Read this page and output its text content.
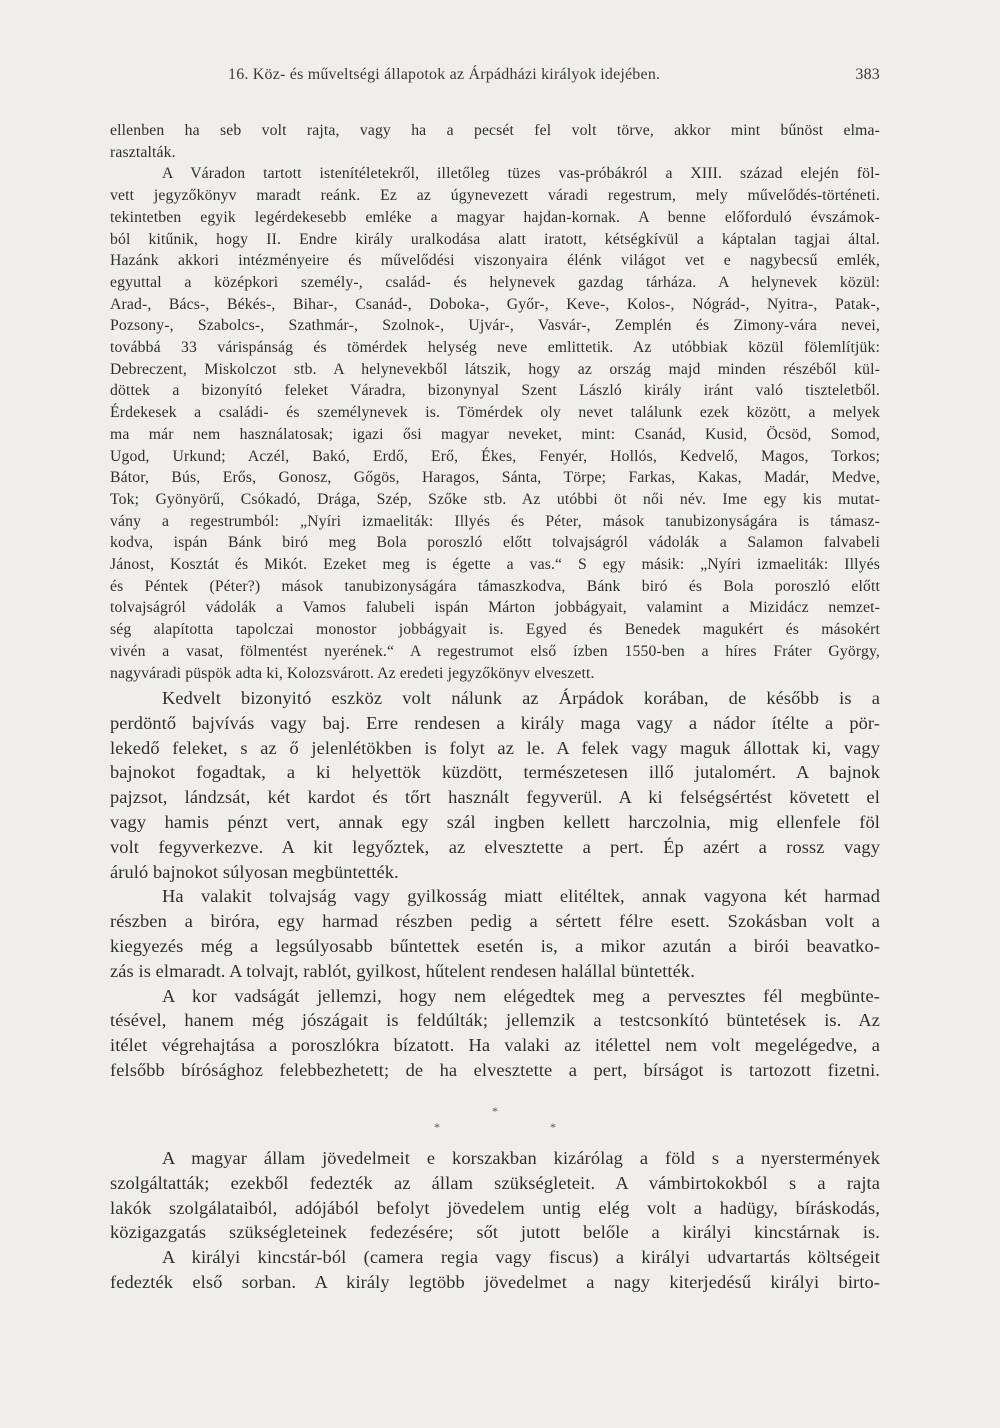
16. Köz- és műveltségi állapotok az Árpádházi királyok idejében.	383
ellenben ha seb volt rajta, vagy ha a pecsét fel volt törve, akkor mint bűnöst elma-
rasztalták.
A Váradon tartott istenítéletekről, illetőleg tüzes vas-próbákról a XIII. század elején föl-
vett jegyzőkönyv maradt reánk. Ez az úgynevezett váradi regestrum, mely művelődés-történeti.
tekintetben egyik legérdekesebb emléke a magyar hajdan-kornak. A benne előforduló évszámok-
ból kitűnik, hogy II. Endre király uralkodása alatt iratott, kétségkívül a káptalan tagjai által.
Hazánk akkori intézményeire és művelődési viszonyaira élénk világot vet e nagybecsű emlék,
egyuttal a középkori személy-, család- és helynevek gazdag tárháza. A helynevek közül:
Arad-, Bács-, Békés-, Bihar-, Csanád-, Doboka-, Győr-, Keve-, Kolos-, Nógrád-, Nyitra-, Patak-,
Pozsony-, Szabolcs-, Szathmár-, Szolnok-, Ujvár-, Vasvár-, Zemplén és Zimony-vára nevei,
továbbá 33 várispánság és tömérdek helység neve emlittetik. Az utóbbiak közül fölemlítjük:
Debreczent, Miskolczot stb. A helynevekből látszik, hogy az ország majd minden részéből kül-
döttek a bizonyító feleket Váradra, bizonynyal Szent László király iránt való tiszteletből.
Érdekesek a családi- és személynevek is. Tömérdek oly nevet találunk ezek között, a melyek
ma már nem használatosak; igazi ősi magyar neveket, mint: Csanád, Kusid, Öcsöd, Somod,
Ugod, Urkund; Aczél, Bakó, Erdő, Erő, Ékes, Fenyér, Hollós, Kedvelő, Magos, Torkos;
Bátor, Bús, Erős, Gonosz, Gőgös, Haragos, Sánta, Törpe; Farkas, Kakas, Madár, Medve,
Tok; Gyönyörű, Csókadó, Drága, Szép, Szőke stb. Az utóbbi öt női név. Ime egy kis mutat-
vány a regestrumból: „Nyíri izmaeliták: Illyés és Péter, mások tanubizonyságára is támasz-
kodva, ispán Bánk biró meg Bola poroszló előtt tolvajságról vádolák a Salamon falvabeli
Jánost, Kosztát és Mikót. Ezeket meg is égette a vas.“ S egy másik: „Nyíri izmaeliták: Illyés
és Péntek (Péter?) mások tanubizonyságára támaszkodva, Bánk biró és Bola poroszló előtt
tolvajságról vádolák a Vamos falubeli ispán Márton jobbágyait, valamint a Mizidácz nemzet-
ség alapította tapolczai monostor jobbágyait is. Egyed és Benedek magukért és másokért
vivén a vasat, fölmentést nyerének.“ A regestrumot első ízben 1550-ben a híres Fráter György,
nagyváradi püspök adta ki, Kolozsvárott. Az eredeti jegyzőkönyv elveszett.
Kedvelt bizonyitó eszköz volt nálunk az Árpádok korában, de később is a
perdöntő bajvívás vagy baj. Erre rendesen a király maga vagy a nádor ítélte a pör-
lekedő feleket, s az ő jelenlétökben is folyt az le. A felek vagy maguk állottak ki, vagy
bajnokot fogadtak, a ki helyettök küzdött, természetesen illő jutalomért. A bajnok
pajzsot, lándzsát, két kardot és tőrt használt fegyverül. A ki felségsértést követett el
vagy hamis pénzt vert, annak egy szál ingben kellett harczolnia, mig ellenfele föl
volt fegyverkezve. A kit legyőztek, az elvesztette a pert. Ép azért a rossz vagy
áruló bajnokot súlyosan megbüntették.
Ha valakit tolvajság vagy gyilkosság miatt elitéltek, annak vagyona két harmad
részben a biróra, egy harmad részben pedig a sértett félre esett. Szokásban volt a
kiegyezés még a legsúlyosabb bűntettek esetén is, a mikor azután a birói beavatko-
zás is elmaradt. A tolvajt, rablót, gyilkost, hűtelent rendesen halállal büntették.
A kor vadságát jellemzi, hogy nem elégedtek meg a pervesztes fél megbünte-
tésével, hanem még jószágait is feldúlták; jellemzik a testcsonkító büntetések is. Az
itélet végrehajtása a poroszlókra bízatott. Ha valaki az itélettel nem volt megelégedve, a
felsőbb bírósághoz felebbezhetett; de ha elvesztette a pert, bírságot is tartozott fizetni.
*
*	*
A magyar állam jövedelmeit e korszakban kizárólag a föld s a nyerstermények
szolgáltatták; ezekből fedezték az állam szükségleteit. A vámbirtokokból s a rajta
lakók szolgálataiból, adójából befolyt jövedelem untig elég volt a hadügy, bíráskodás,
közigazgatás szükségleteinek fedezésére; sőt jutott belőle a királyi kincstárnak is.
A királyi kincstár-ból (camera regia vagy fiscus) a királyi udvartartás költségeit
fedezték első sorban. A király legtöbb jövedelmet a nagy kiterjedésű királyi birto-
